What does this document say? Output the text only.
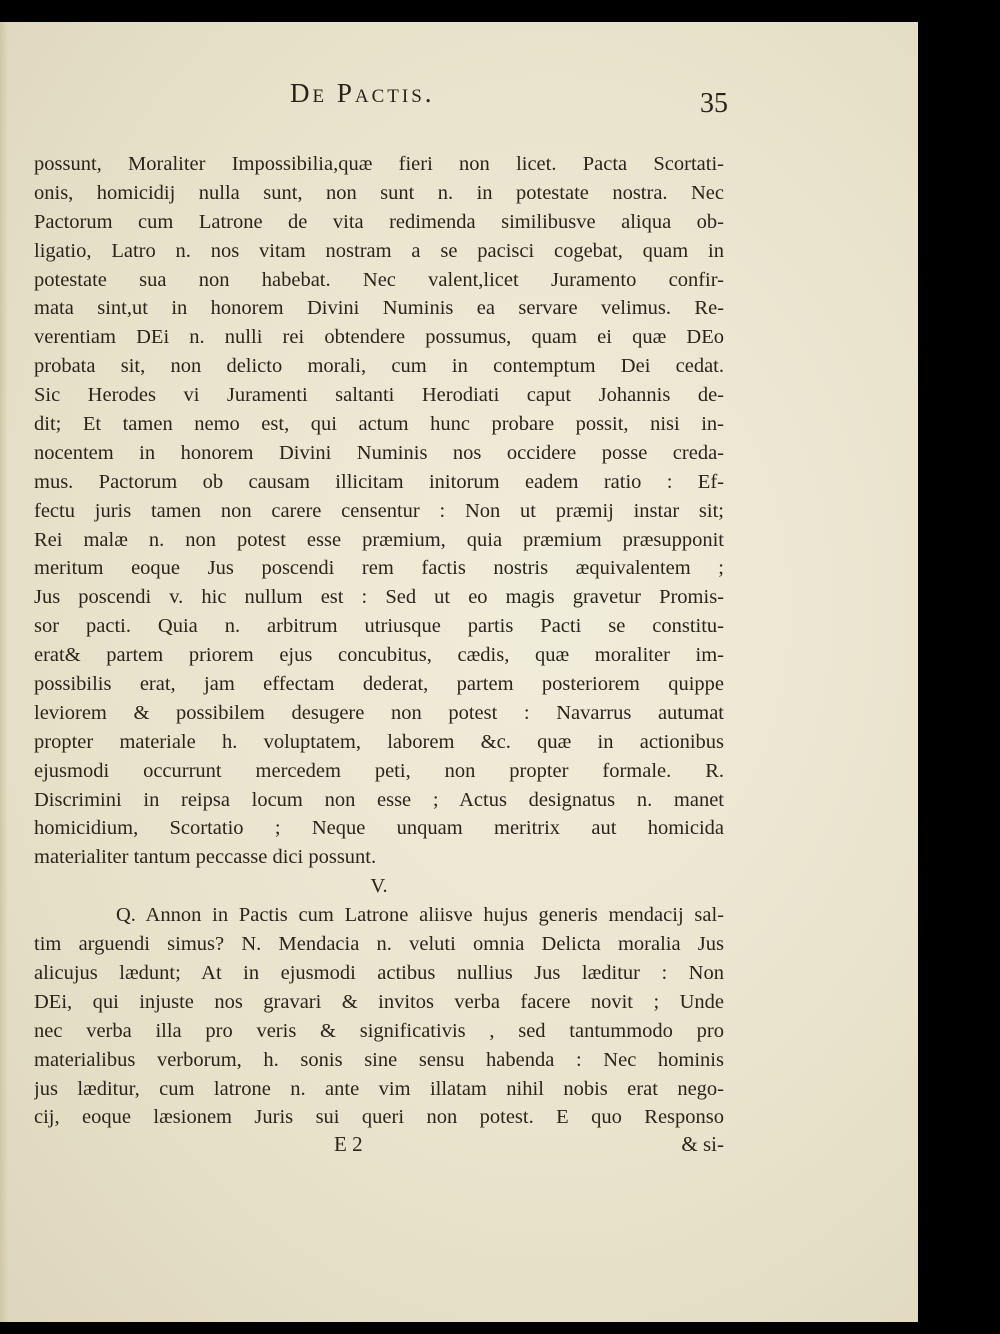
De Pactis.	35
possunt, Moraliter Impossibilia,quæ fieri non licet. Pacta Scortati-
onis, homicidij nulla sunt, non sunt n. in potestate nostra. Nec
Pactorum cum Latrone de vita redimenda similibusve aliqua ob-
ligatio, Latro n. nos vitam nostram a se pacisci cogebat, quam in
potestate sua non habebat. Nec valent,licet Juramento confir-
mata sint,ut in honorem Divini Numinis ea servare velimus. Re-
verentiam DEi n. nulli rei obtendere possumus, quam ei quæ DEo
probata sit, non delicto morali, cum in contemptum Dei cedat.
Sic Herodes vi Juramenti saltanti Herodiati caput Johannis de-
dit; Et tamen nemo est, qui actum hunc probare possit, nisi in-
nocentem in honorem Divini Numinis nos occidere posse creda-
mus. Pactorum ob causam illicitam initorum eadem ratio : Ef-
fectu juris tamen non carere censentur : Non ut præmij instar sit;
Rei malæ n. non potest esse præmium, quia præmium præsupponit
meritum eoque Jus poscendi rem factis nostris æquivalentem ;
Jus poscendi v. hic nullum est : Sed ut eo magis gravetur Promis-
sor pacti. Quia n. arbitrum utriusque partis Pacti se constitu-
erat& partem priorem ejus concubitus, cædis, quæ moraliter im-
possibilis erat, jam effectam dederat, partem posteriorem quippe
leviorem & possibilem desugere non potest : Navarrus autumat
propter materiale h. voluptatem, laborem &c. quæ in actionibus
ejusmodi occurrunt mercedem peti, non propter formale. R.
Discrimini in reipsa locum non esse ; Actus designatus n. manet
homicidium, Scortatio ; Neque unquam meritrix aut homicida
materialiter tantum peccasse dici possunt.
V.
Q. Annon in Pactis cum Latrone aliisve hujus generis mendacij sal-
tim arguendi simus? N. Mendacia n. veluti omnia Delicta moralia Jus
alicujus lædunt; At in ejusmodi actibus nullius Jus læditur : Non
DEi, qui injuste nos gravari & invitos verba facere novit ; Unde
nec verba illa pro veris & significativis , sed tantummodo pro
materialibus verborum, h. sonis sine sensu habenda : Nec hominis
jus læditur, cum latrone n. ante vim illatam nihil nobis erat nego-
cij, eoque læsionem Juris sui queri non potest. E quo Responso
E 2	& si-
